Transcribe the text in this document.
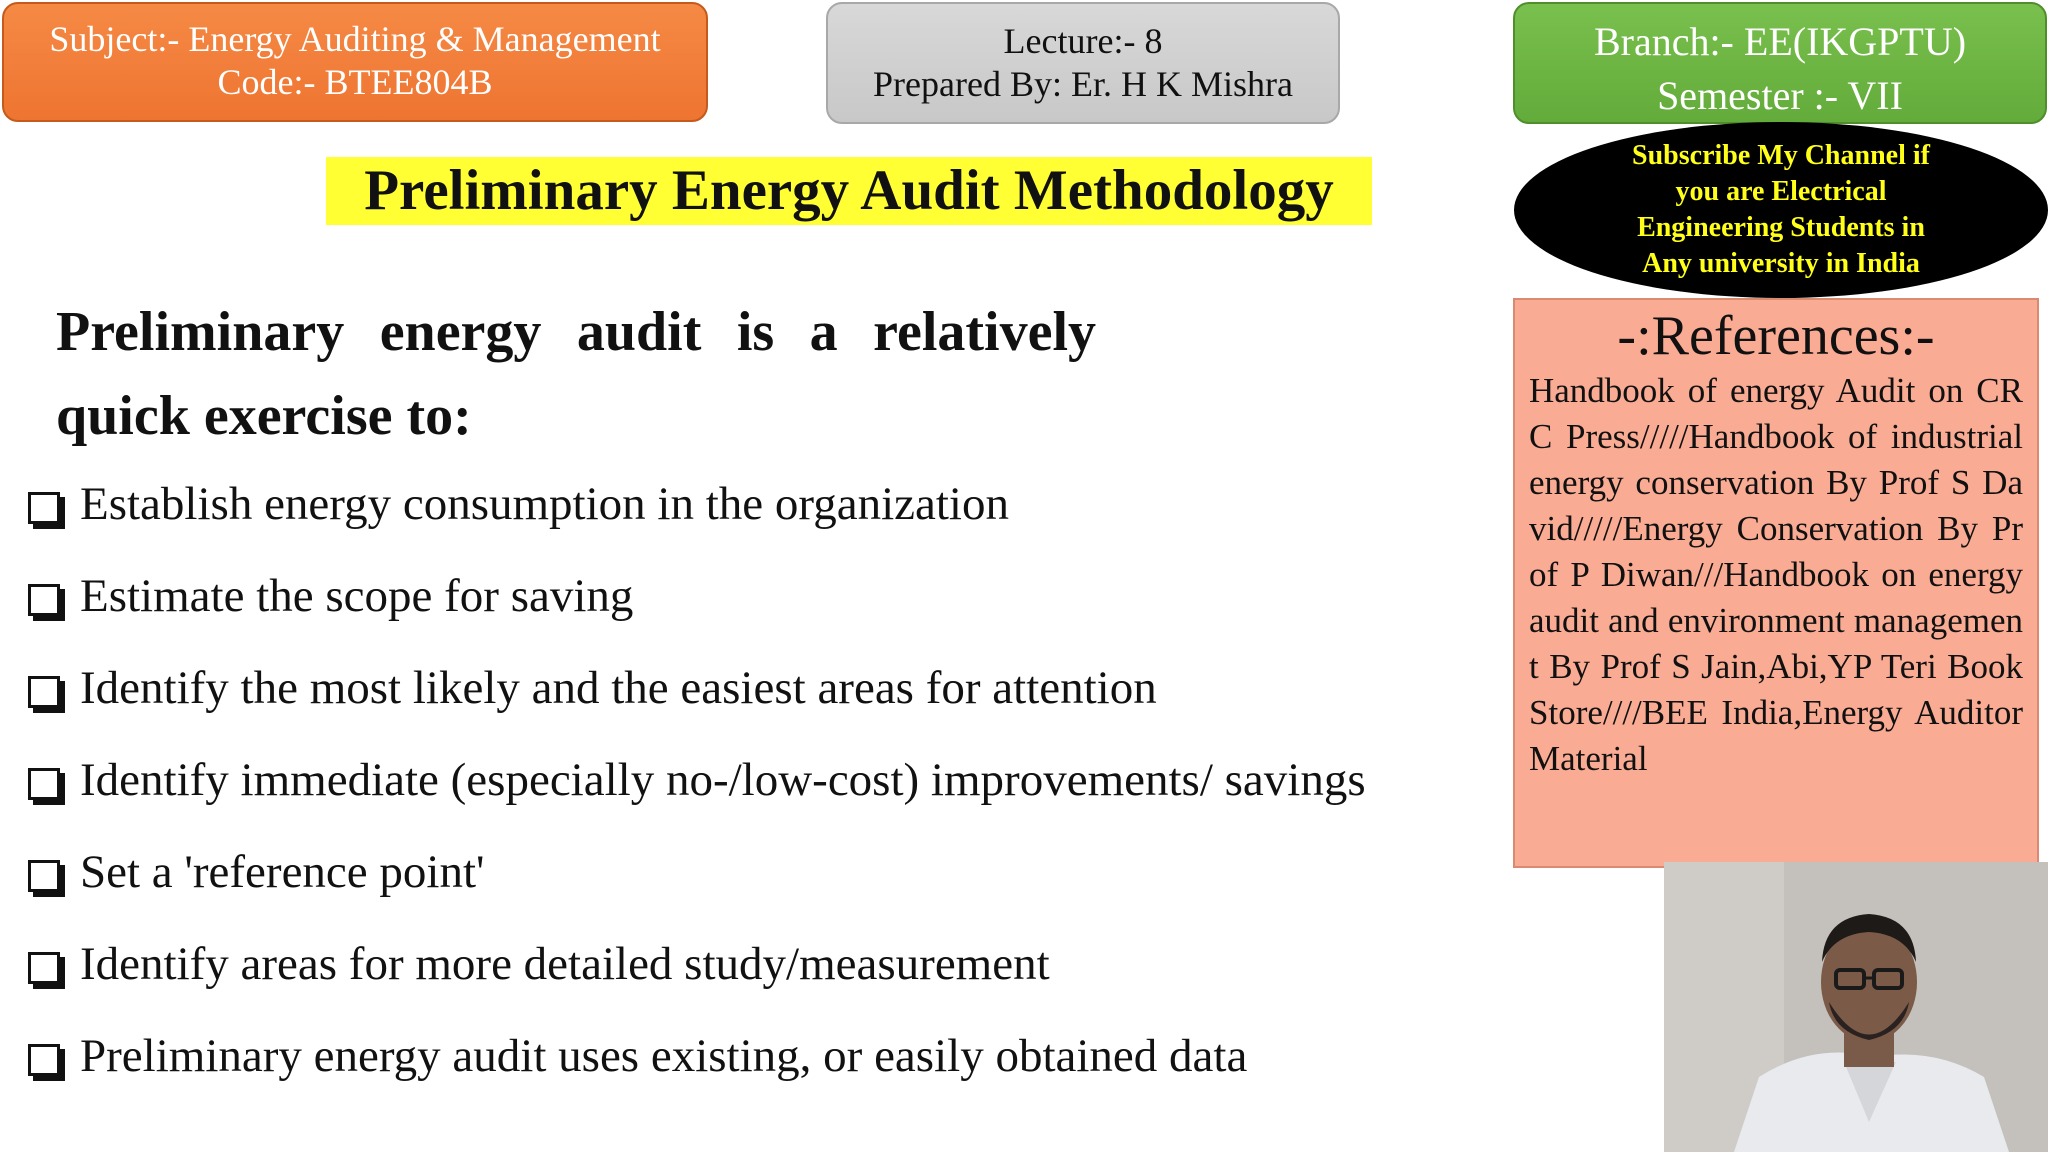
Subject:- Energy Auditing & Management
Code:- BTEE804B
Lecture:- 8
Prepared By: Er. H K Mishra
Branch:- EE(IKGPTU)
Semester :- VII
Preliminary Energy Audit Methodology
Subscribe My Channel if
you are Electrical
Engineering Students in
Any university in India
-:References:-
Handbook of energy Audit on CRC Press/////Handbook of industrial energy conservation By Prof S David/////Energy Conservation By Prof P Diwan///Handbook on energy audit and environment management By Prof S Jain,Abi,YP Teri Book Store////BEE India,Energy Auditor Material
Preliminary energy audit is a relatively quick exercise to:
Establish energy consumption in the organization
Estimate the scope for saving
Identify the most likely and the easiest areas for attention
Identify immediate (especially no-/low-cost) improvements/ savings
Set a 'reference point'
Identify areas for more detailed study/measurement
Preliminary energy audit uses existing, or easily obtained data
